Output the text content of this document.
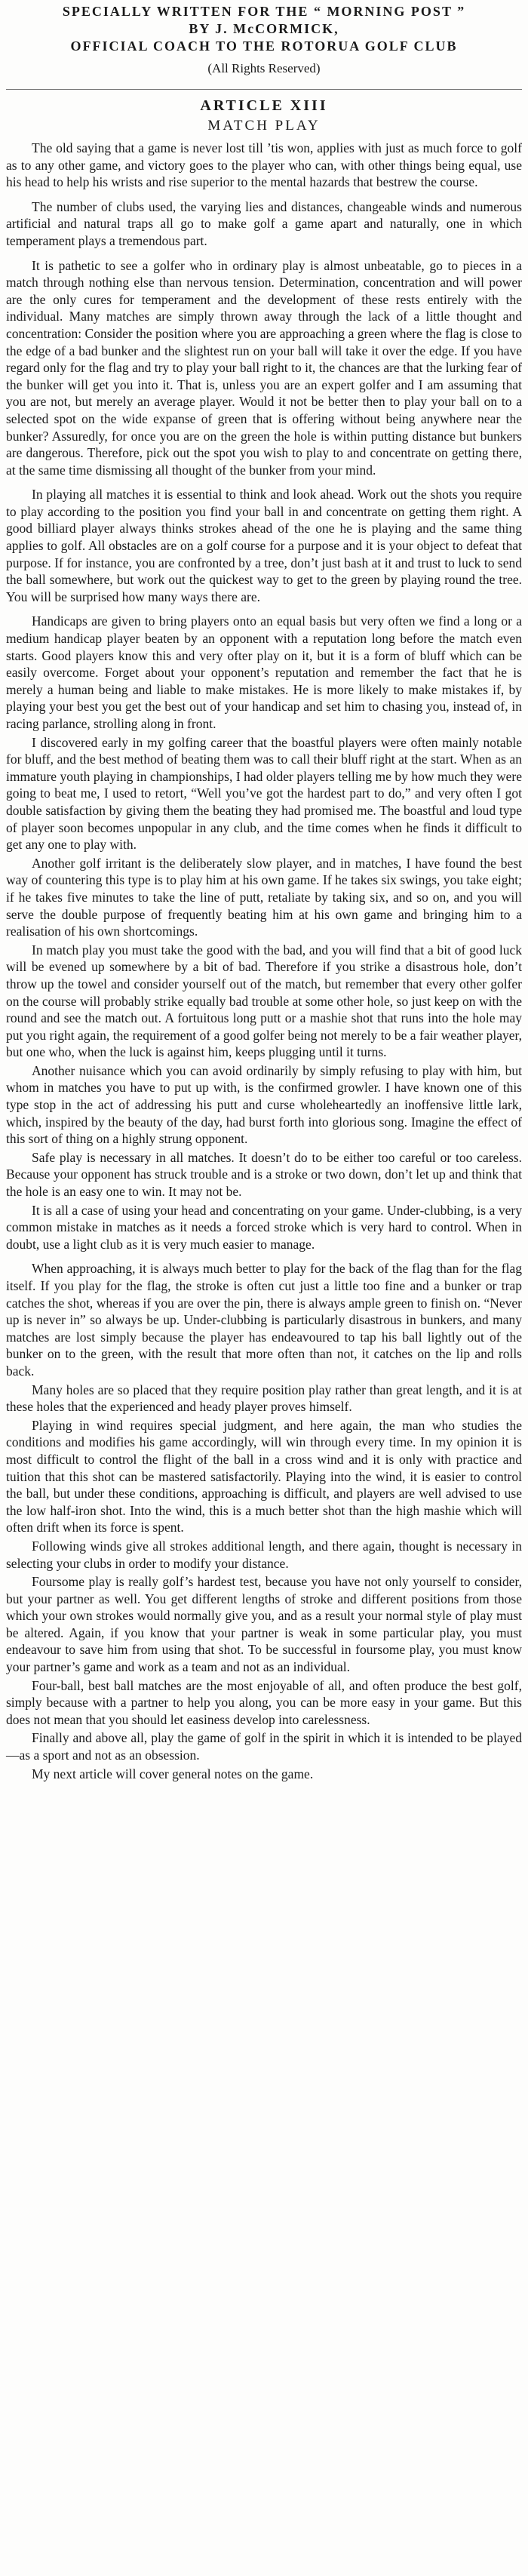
SPECIALLY WRITTEN FOR THE “ MORNING POST ”
BY J. McCORMICK,
OFFICIAL COACH TO THE ROTORUA GOLF CLUB
(All Rights Reserved)
ARTICLE XIII
MATCH PLAY

The old saying that a game is never lost till ’tis won, applies with just as much force to golf as to any other game, and victory goes to the player who can, with other things being equal, use his head to help his wrists and rise superior to the mental hazards that bestrew the course.

The number of clubs used, the varying lies and distances, changeable winds and numerous artificial and natural traps all go to make golf a game apart and naturally, one in which temperament plays a tremendous part.

It is pathetic to see a golfer who in ordinary play is almost unbeatable, go to pieces in a match through nothing else than nervous tension. Determination, concentration and will power are the only cures for temperament and the development of these rests entirely with the individual. Many matches are simply thrown away through the lack of a little thought and concentration: Consider the position where you are approaching a green where the flag is close to the edge of a bad bunker and the slightest run on your ball will take it over the edge. If you have regard only for the flag and try to play your ball right to it, the chances are that the lurking fear of the bunker will get you into it. That is, unless you are an expert golfer and I am assuming that you are not, but merely an average player. Would it not be better then to play your ball on to a selected spot on the wide expanse of green that is offering without being anywhere near the bunker? Assuredly, for once you are on the green the hole is within putting distance but bunkers are dangerous. Therefore, pick out the spot you wish to play to and concentrate on getting there, at the same time dismissing all thought of the bunker from your mind.

In playing all matches it is essential to think and look ahead. Work out the shots you require to play according to the position you find your ball in and concentrate on getting them right. A good billiard player always thinks strokes ahead of the one he is playing and the same thing applies to golf. All obstacles are on a golf course for a purpose and it is your object to defeat that purpose. If for instance, you are confronted by a tree, don’t just bash at it and trust to luck to send the ball somewhere, but work out the quickest way to get to the green by playing round the tree. You will be surprised how many ways there are.

Handicaps are given to bring players onto an equal basis but very often we find a long or a medium handicap player beaten by an opponent with a reputation long before the match even starts. Good players know this and very ofter play on it, but it is a form of bluff which can be easily overcome. Forget about your opponent’s reputation and remember the fact that he is merely a human being and liable to make mistakes. He is more likely to make mistakes if, by playing your best you get the best out of your handicap and set him to chasing you, instead of, in racing parlance, strolling along in front.

I discovered early in my golfing career that the boastful players were often mainly notable for bluff, and the best method of beating them was to call their bluff right at the start. When as an immature youth playing in championships, I had older players telling me by how much they were going to beat me, I used to retort, “Well you’ve got the hardest part to do,” and very often I got double satisfaction by giving them the beating they had promised me. The boastful and loud type of player soon becomes unpopular in any club, and the time comes when he finds it difficult to get any one to play with.

Another golf irritant is the deliberately slow player, and in matches, I have found the best way of countering this type is to play him at his own game. If he takes six swings, you take eight; if he takes five minutes to take the line of putt, retaliate by taking six, and so on, and you will serve the double purpose of frequently beating him at his own game and bringing him to a realisation of his own shortcomings.

In match play you must take the good with the bad, and you will find that a bit of good luck will be evened up somewhere by a bit of bad. Therefore if you strike a disastrous hole, don’t throw up the towel and consider yourself out of the match, but remember that every other golfer on the course will probably strike equally bad trouble at some other hole, so just keep on with the round and see the match out. A fortuitous long putt or a mashie shot that runs into the hole may put you right again, the requirement of a good golfer being not merely to be a fair weather player, but one who, when the luck is against him, keeps plugging until it turns.

Another nuisance which you can avoid ordinarily by simply refusing to play with him, but whom in matches you have to put up with, is the confirmed growler. I have known one of this type stop in the act of addressing his putt and curse wholeheartedly an inoffensive little lark, which, inspired by the beauty of the day, had burst forth into glorious song. Imagine the effect of this sort of thing on a highly strung opponent.

Safe play is necessary in all matches. It doesn’t do to be either too careful or too careless. Because your opponent has struck trouble and is a stroke or two down, don’t let up and think that the hole is an easy one to win. It may not be.

It is all a case of using your head and concentrating on your game. Under-clubbing, is a very common mistake in matches as it needs a forced stroke which is very hard to control. When in doubt, use a light club as it is very much easier to manage.

When approaching, it is always much better to play for the back of the flag than for the flag itself. If you play for the flag, the stroke is often cut just a little too fine and a bunker or trap catches the shot, whereas if you are over the pin, there is always ample green to finish on. “Never up is never in” so always be up. Under-clubbing is particularly disastrous in bunkers, and many matches are lost simply because the player has endeavoured to tap his ball lightly out of the bunker on to the green, with the result that more often than not, it catches on the lip and rolls back.

Many holes are so placed that they require position play rather than great length, and it is at these holes that the experienced and heady player proves himself.

Playing in wind requires special judgment, and here again, the man who studies the conditions and modifies his game accordingly, will win through every time. In my opinion it is most difficult to control the flight of the ball in a cross wind and it is only with practice and tuition that this shot can be mastered satisfactorily. Playing into the wind, it is easier to control the ball, but under these conditions, approaching is difficult, and players are well advised to use the low half-iron shot. Into the wind, this is a much better shot than the high mashie which will often drift when its force is spent.

Following winds give all strokes additional length, and there again, thought is necessary in selecting your clubs in order to modify your distance.

Foursome play is really golf’s hardest test, because you have not only yourself to consider, but your partner as well. You get different lengths of stroke and different positions from those which your own strokes would normally give you, and as a result your normal style of play must be altered. Again, if you know that your partner is weak in some particular play, you must endeavour to save him from using that shot. To be successful in foursome play, you must know your partner’s game and work as a team and not as an individual.

Four-ball, best ball matches are the most enjoyable of all, and often produce the best golf, simply because with a partner to help you along, you can be more easy in your game. But this does not mean that you should let easiness develop into carelessness.

Finally and above all, play the game of golf in the spirit in which it is intended to be played—as a sport and not as an obsession.

My next article will cover general notes on the game.
